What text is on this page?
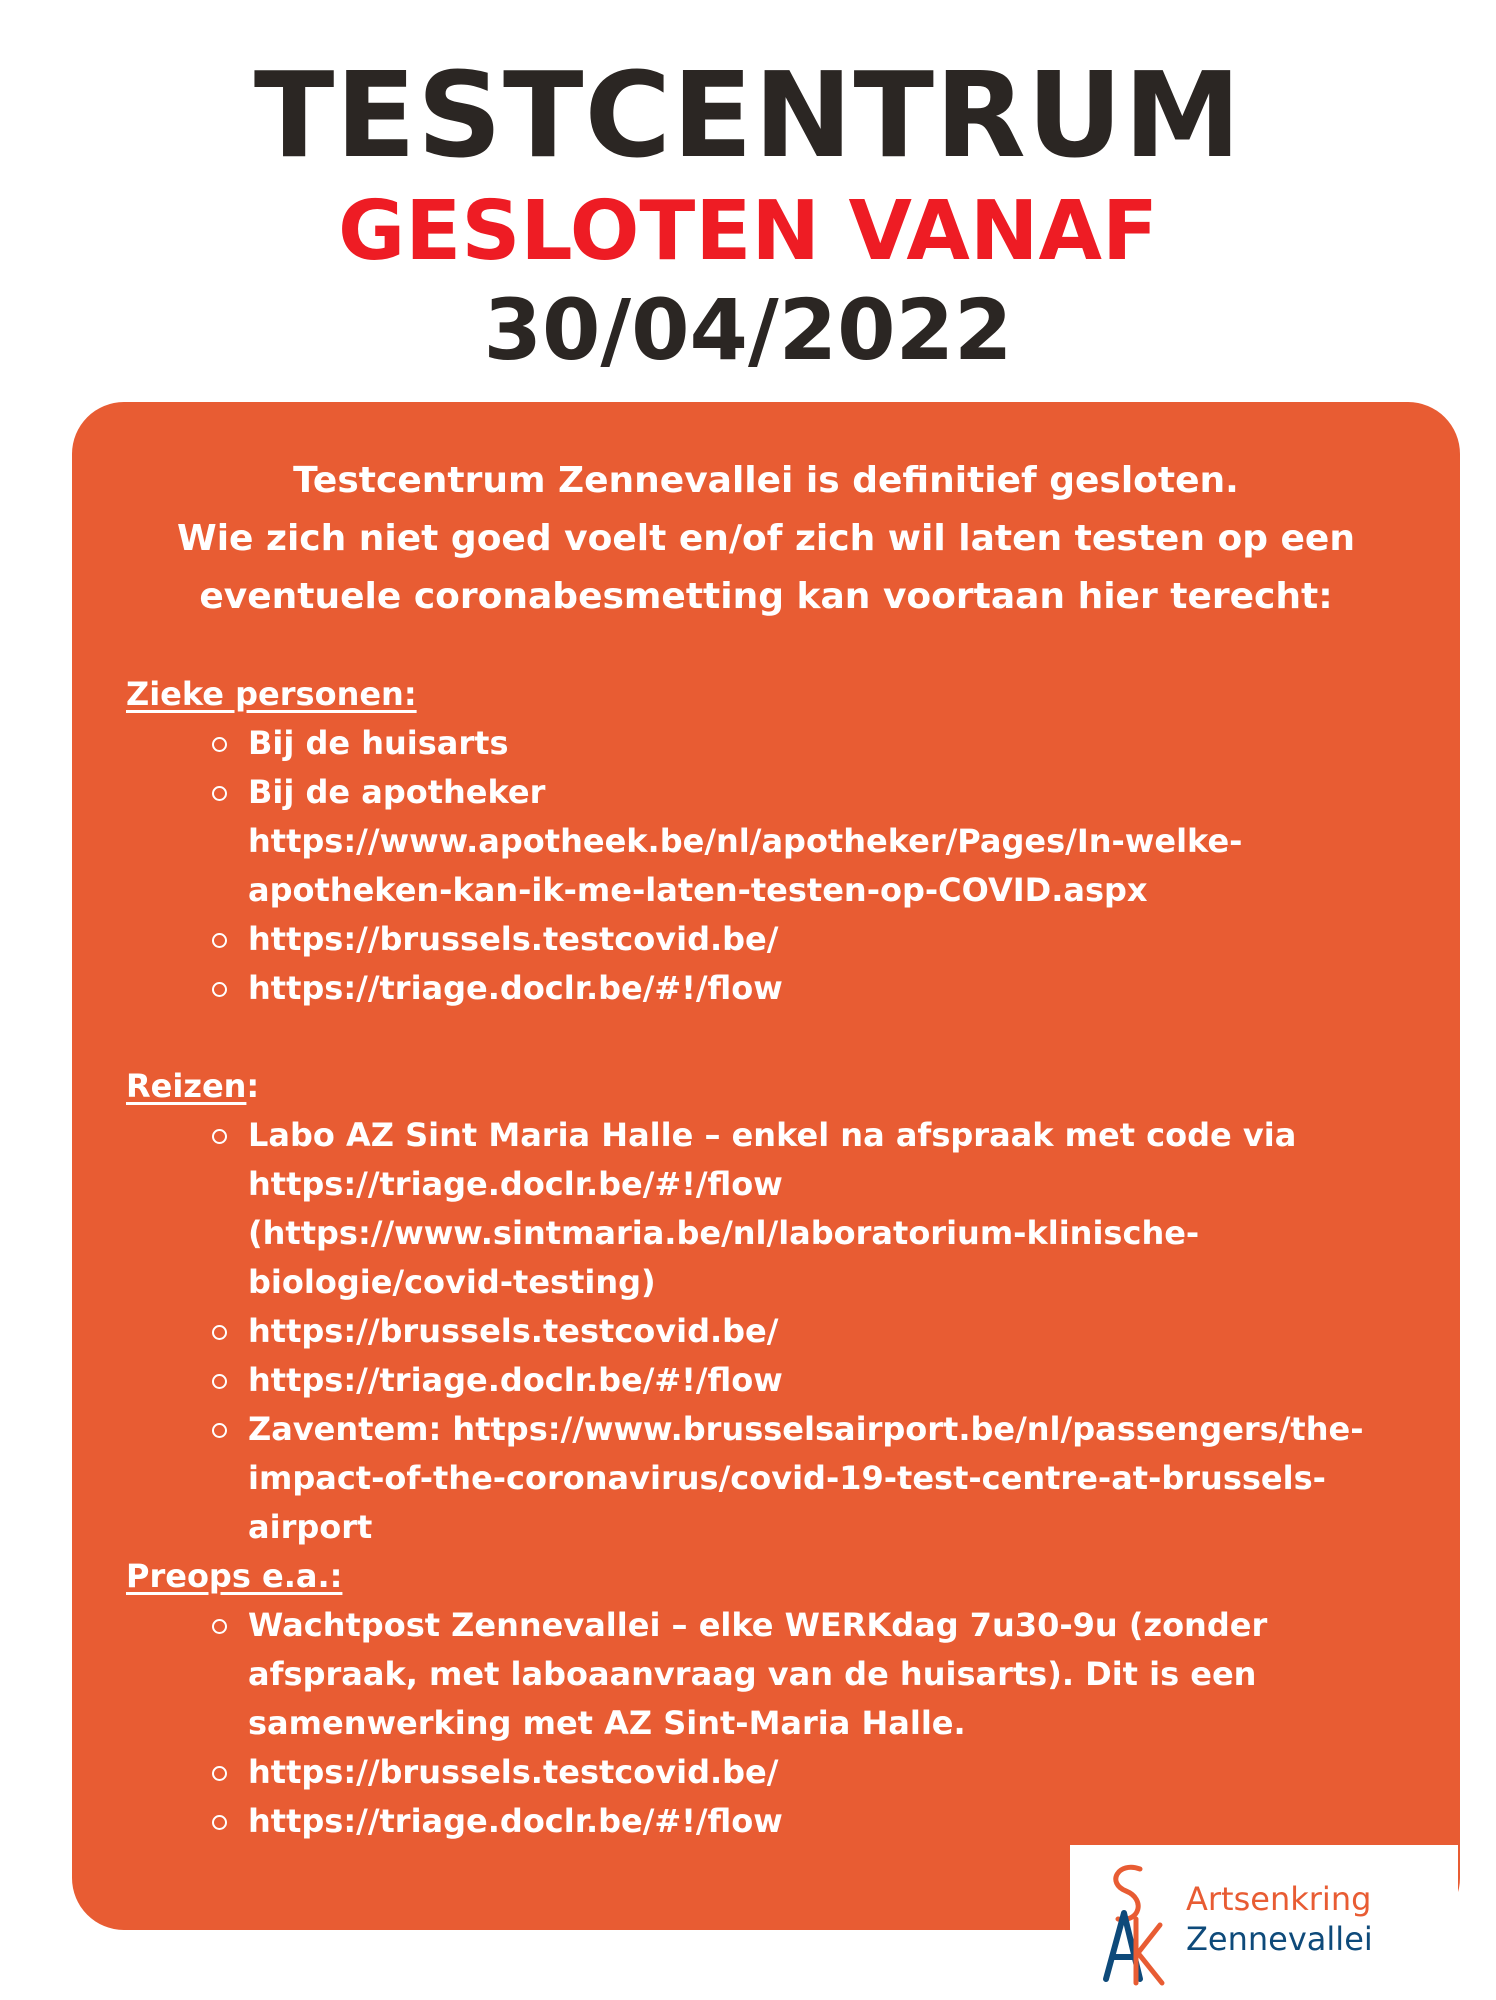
TESTCENTRUM
GESLOTEN VANAF
30/04/2022
Testcentrum Zennevallei is definitief gesloten.
Wie zich niet goed voelt en/of zich wil laten testen op een
eventuele coronabesmetting kan voortaan hier terecht:
Zieke personen:
Bij de huisarts
Bij de apotheker
https://www.apotheek.be/nl/apotheker/Pages/In-welke-
apotheken-kan-ik-me-laten-testen-op-COVID.aspx
https://brussels.testcovid.be/
https://triage.doclr.be/#!/flow
Reizen:
Labo AZ Sint Maria Halle – enkel na afspraak met code via
https://triage.doclr.be/#!/flow
(https://www.sintmaria.be/nl/laboratorium-klinische-
biologie/covid-testing)
https://brussels.testcovid.be/
https://triage.doclr.be/#!/flow
Zaventem: https://www.brusselsairport.be/nl/passengers/the-
impact-of-the-coronavirus/covid-19-test-centre-at-brussels-
airport
Preops e.a.:
Wachtpost Zennevallei – elke WERKdag 7u30-9u (zonder
afspraak, met laboaanvraag van de huisarts). Dit is een
samenwerking met AZ Sint-Maria Halle.
https://brussels.testcovid.be/
https://triage.doclr.be/#!/flow
Artsenkring
Zennevallei
